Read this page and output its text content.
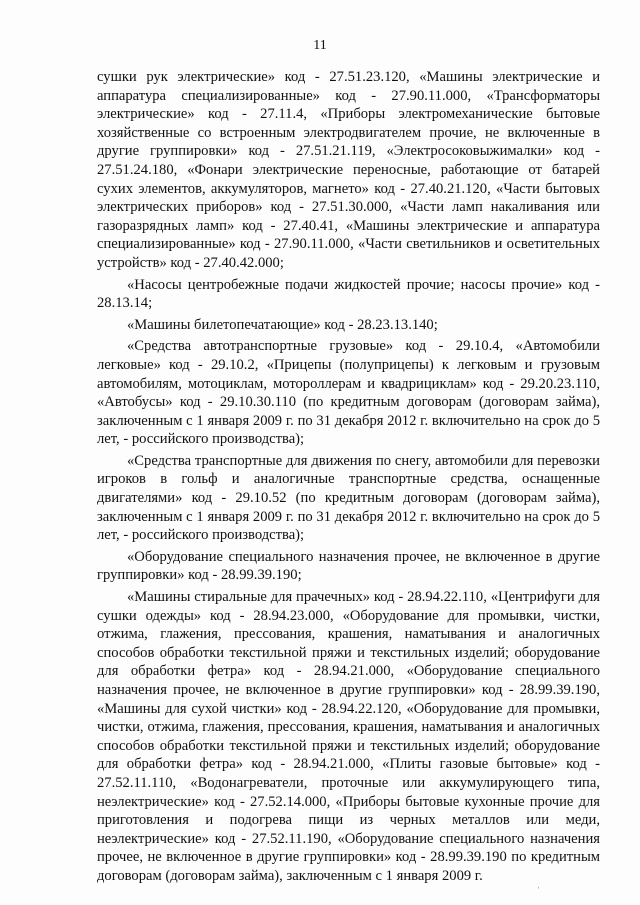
11

сушки рук электрические» код - 27.51.23.120, «Машины электрические и аппаратура специализированные» код - 27.90.11.000, «Трансформаторы электрические» код - 27.11.4, «Приборы электромеханические бытовые хозяйственные со встроенным электродвигателем прочие, не включенные в другие группировки» код - 27.51.21.119, «Электросоковыжималки» код - 27.51.24.180, «Фонари электрические переносные, работающие от батарей сухих элементов, аккумуляторов, магнето» код - 27.40.21.120, «Части бытовых электрических приборов» код - 27.51.30.000, «Части ламп накаливания или газоразрядных ламп» код - 27.40.41, «Машины электрические и аппаратура специализированные» код - 27.90.11.000, «Части светильников и осветительных устройств» код - 27.40.42.000;

«Насосы центробежные подачи жидкостей прочие; насосы прочие» код - 28.13.14;

«Машины билетопечатающие» код - 28.23.13.140;

«Средства автотранспортные грузовые» код - 29.10.4, «Автомобили легковые» код - 29.10.2, «Прицепы (полуприцепы) к легковым и грузовым автомобилям, мотоциклам, мотороллерам и квадрициклам» код - 29.20.23.110, «Автобусы» код - 29.10.30.110 (по кредитным договорам (договорам займа), заключенным с 1 января 2009 г. по 31 декабря 2012 г. включительно на срок до 5 лет, - российского производства);

«Средства транспортные для движения по снегу, автомобили для перевозки игроков в гольф и аналогичные транспортные средства, оснащенные двигателями» код - 29.10.52 (по кредитным договорам (договорам займа), заключенным с 1 января 2009 г. по 31 декабря 2012 г. включительно на срок до 5 лет, - российского производства);

«Оборудование специального назначения прочее, не включенное в другие группировки» код - 28.99.39.190;

«Машины стиральные для прачечных» код - 28.94.22.110, «Центрифуги для сушки одежды» код - 28.94.23.000, «Оборудование для промывки, чистки, отжима, глажения, прессования, крашения, наматывания и аналогичных способов обработки текстильной пряжи и текстильных изделий; оборудование для обработки фетра» код - 28.94.21.000, «Оборудование специального назначения прочее, не включенное в другие группировки» код - 28.99.39.190, «Машины для сухой чистки» код - 28.94.22.120, «Оборудование для промывки, чистки, отжима, глажения, прессования, крашения, наматывания и аналогичных способов обработки текстильной пряжи и текстильных изделий; оборудование для обработки фетра» код - 28.94.21.000, «Плиты газовые бытовые» код - 27.52.11.110, «Водонагреватели, проточные или аккумулирующего типа, неэлектрические» код - 27.52.14.000, «Приборы бытовые кухонные прочие для приготовления и подогрева пищи из черных металлов или меди, неэлектрические» код - 27.52.11.190, «Оборудование специального назначения прочее, не включенное в другие группировки» код - 28.99.39.190 по кредитным договорам (договорам займа), заключенным с 1 января 2009 г.	ˌ
